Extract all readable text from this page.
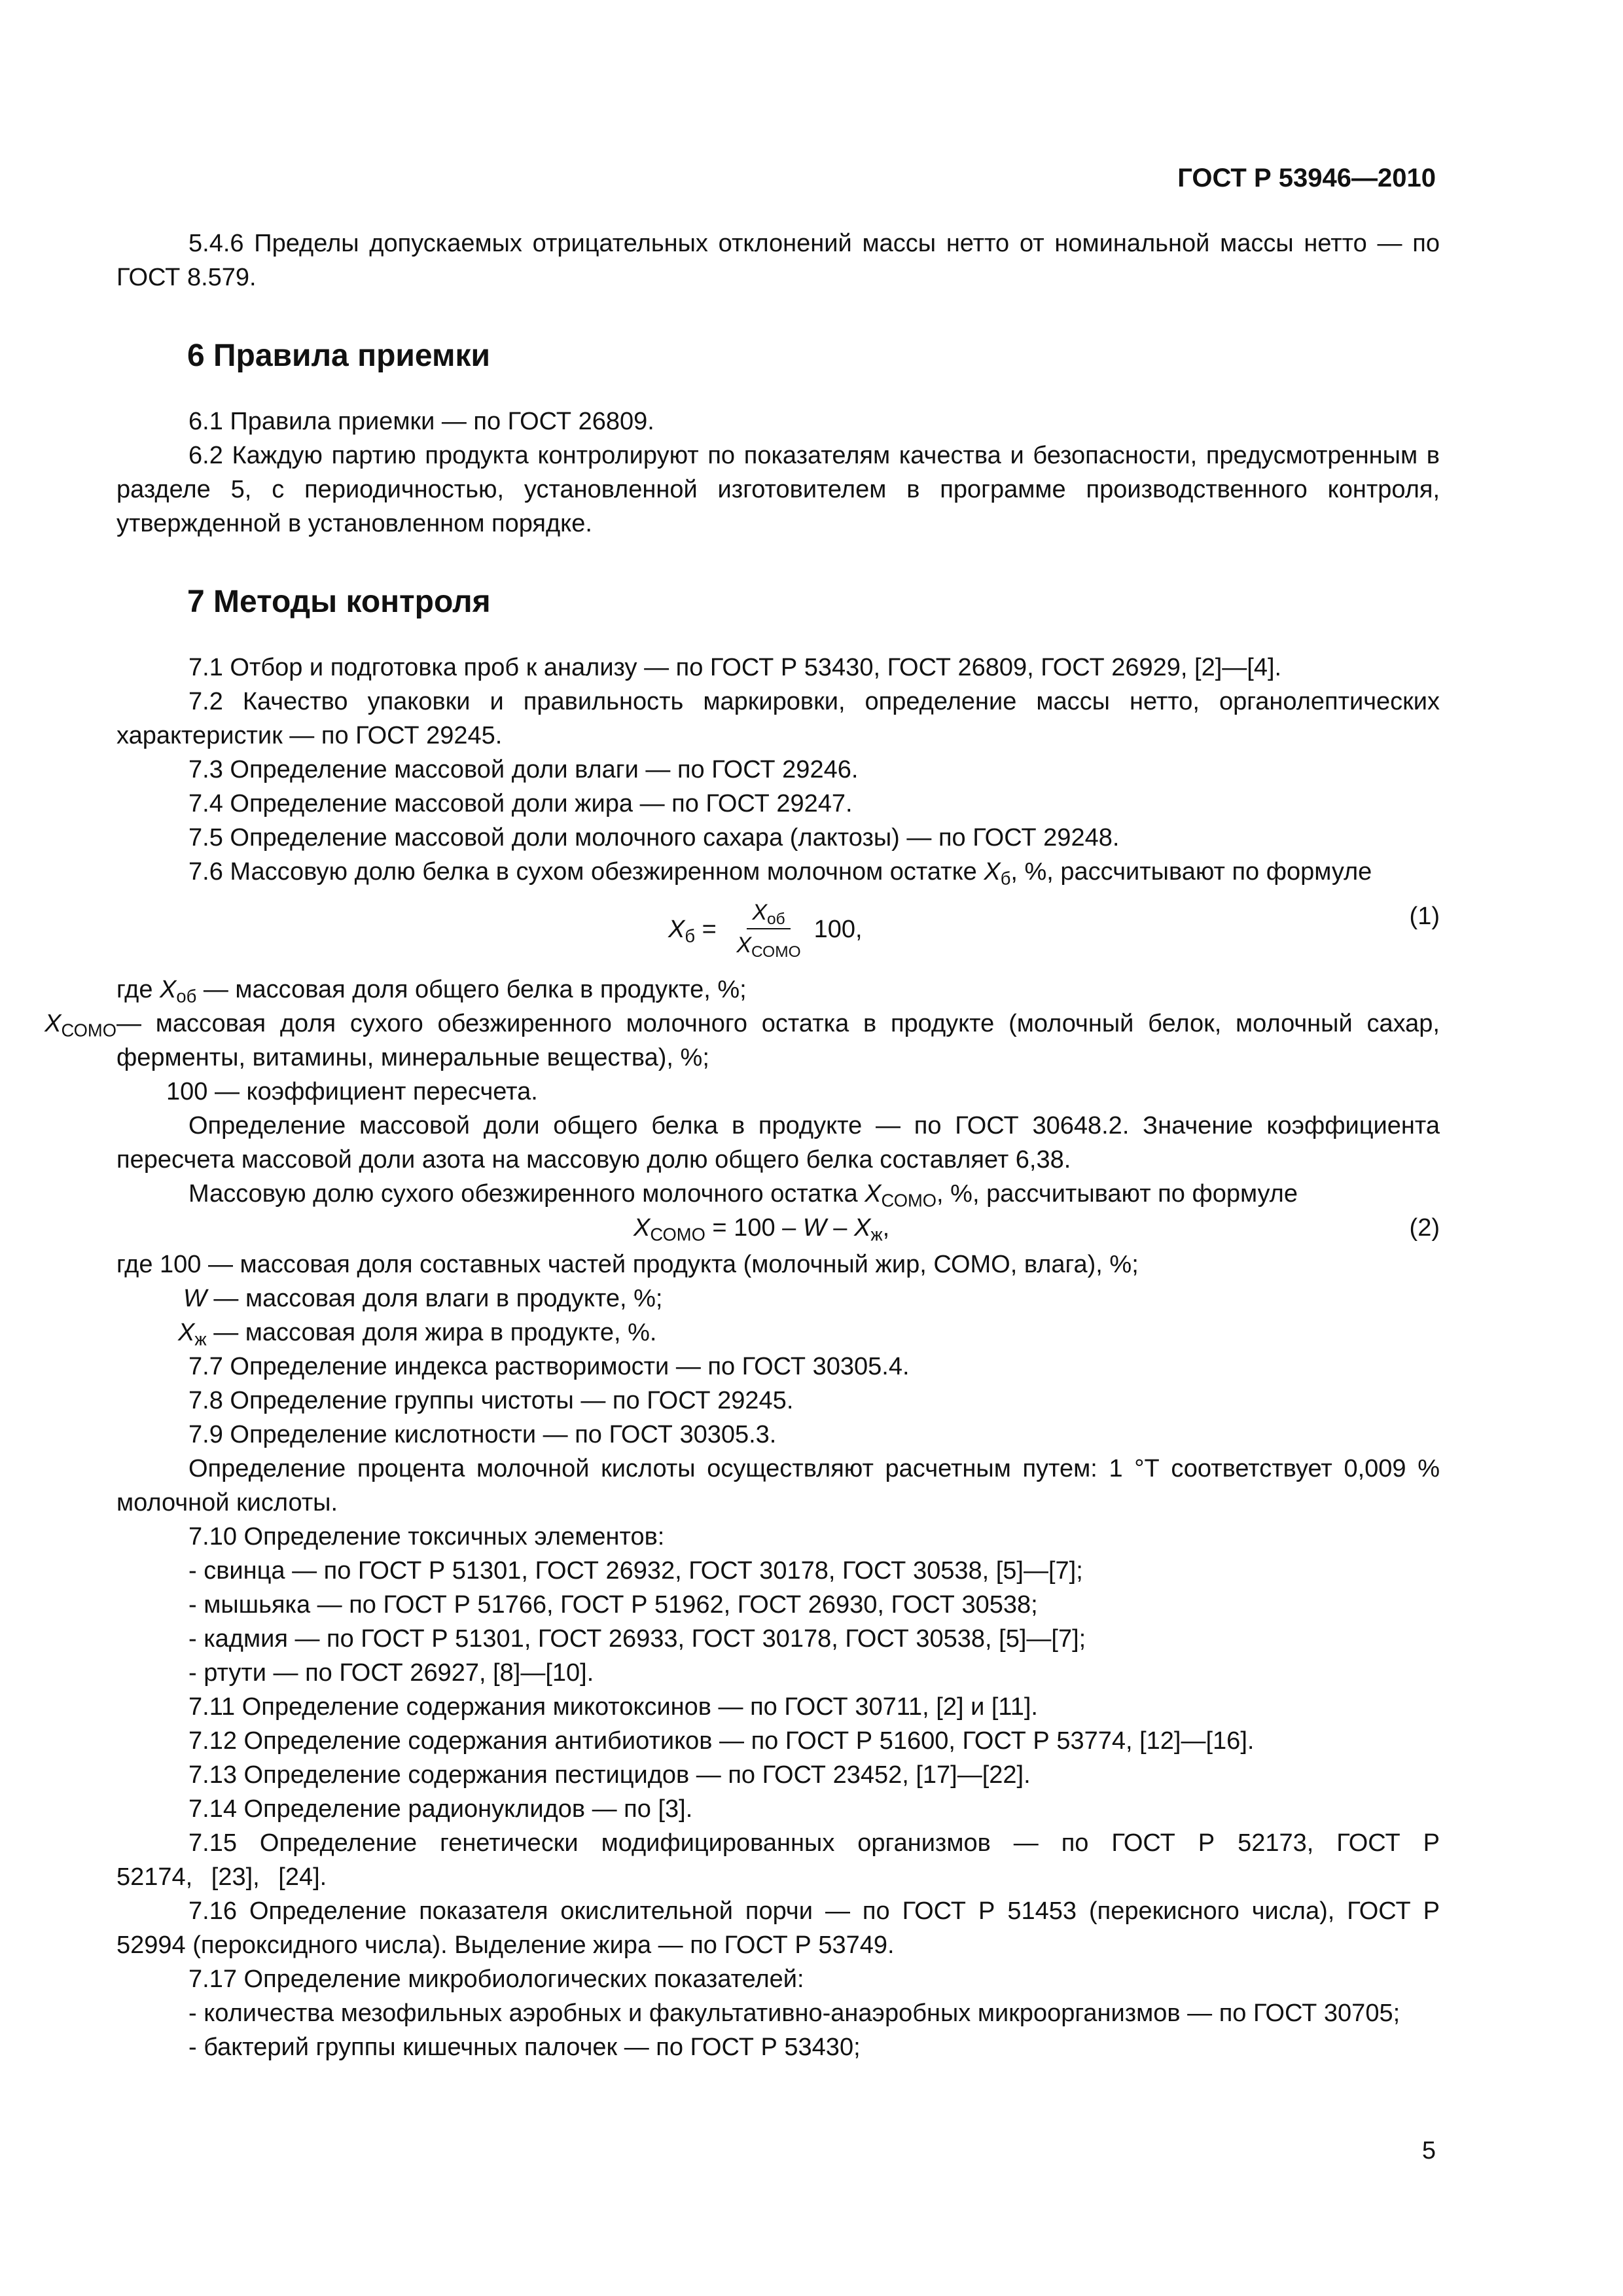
ГОСТ Р 53946—2010

5.4.6 Пределы допускаемых отрицательных отклонений массы нетто от номинальной массы нетто — по ГОСТ 8.579.

6 Правила приемки

6.1 Правила приемки — по ГОСТ 26809.

6.2 Каждую партию продукта контролируют по показателям качества и безопасности, предусмотренным в разделе 5, с периодичностью, установленной изготовителем в программе производственного контроля, утвержденной в установленном порядке.

7 Методы контроля

7.1 Отбор и подготовка проб к анализу — по ГОСТ Р 53430, ГОСТ 26809, ГОСТ 26929, [2]—[4].

7.2 Качество упаковки и правильность маркировки, определение массы нетто, органолептических характеристик — по ГОСТ 29245.

7.3 Определение массовой доли влаги — по ГОСТ 29246.

7.4 Определение массовой доли жира — по ГОСТ 29247.

7.5 Определение массовой доли молочного сахара (лактозы) — по ГОСТ 29248.

7.6 Массовую долю белка в сухом обезжиренном молочном остатке $X_б$, %, рассчитывают по формуле

$X_б = \frac{X_{об}}{X_{СОМО}} 100$,	(1)

где $X_{об}$ — массовая доля общего белка в продукте, %;

$X_{СОМО}$ — массовая доля сухого обезжиренного молочного остатка в продукте (молочный белок, молочный сахар, ферменты, витамины, минеральные вещества), %;

100 — коэффициент пересчета.

Определение массовой доли общего белка в продукте — по ГОСТ 30648.2. Значение коэффициента пересчета массовой доли азота на массовую долю общего белка составляет 6,38.

Массовую долю сухого обезжиренного молочного остатка $X_{СОМО}$, %, рассчитывают по формуле

$X_{СОМО} = 100 - W - X_ж$,	(2)

где 100 — массовая доля составных частей продукта (молочный жир, СОМО, влага), %;

W — массовая доля влаги в продукте, %;

$X_ж$ — массовая доля жира в продукте, %.

7.7 Определение индекса растворимости — по ГОСТ 30305.4.

7.8 Определение группы чистоты — по ГОСТ 29245.

7.9 Определение кислотности — по ГОСТ 30305.3.

Определение процента молочной кислоты осуществляют расчетным путем: 1 °Т соответствует 0,009 % молочной кислоты.

7.10 Определение токсичных элементов:

- свинца — по ГОСТ Р 51301, ГОСТ 26932, ГОСТ 30178, ГОСТ 30538, [5]—[7];

- мышьяка — по ГОСТ Р 51766, ГОСТ Р 51962, ГОСТ 26930, ГОСТ 30538;

- кадмия — по ГОСТ Р 51301, ГОСТ 26933, ГОСТ 30178, ГОСТ 30538, [5]—[7];

- ртути — по ГОСТ 26927, [8]—[10].

7.11 Определение содержания микотоксинов — по ГОСТ 30711, [2] и [11].

7.12 Определение содержания антибиотиков — по ГОСТ Р 51600, ГОСТ Р 53774, [12]—[16].

7.13 Определение содержания пестицидов — по ГОСТ 23452, [17]—[22].

7.14 Определение радионуклидов — по [3].

7.15 Определение генетически модифицированных организмов — по ГОСТ Р 52173, ГОСТ Р 52174, [23], [24].

7.16 Определение показателя окислительной порчи — по ГОСТ Р 51453 (перекисного числа), ГОСТ Р 52994 (пероксидного числа). Выделение жира — по ГОСТ Р 53749.

7.17 Определение микробиологических показателей:

- количества мезофильных аэробных и факультативно-анаэробных микроорганизмов — по ГОСТ 30705;

- бактерий группы кишечных палочек — по ГОСТ Р 53430;

5
